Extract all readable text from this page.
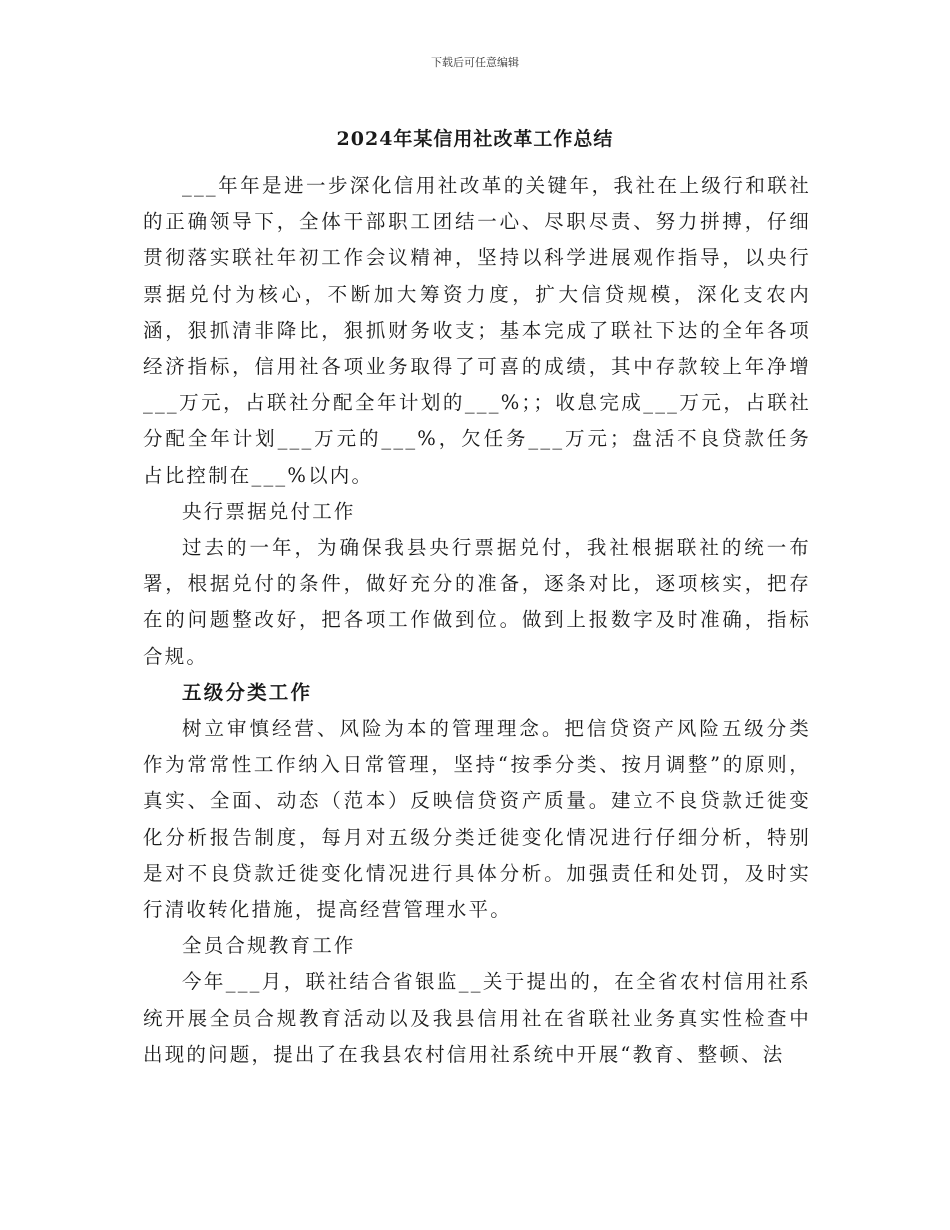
下载后可任意编辑
2024年某信用社改革工作总结

___年年是进一步深化信用社改革的关键年，我社在上级行和联社的正确领导下，全体干部职工团结一心、尽职尽责、努力拼搏，仔细贯彻落实联社年初工作会议精神，坚持以科学进展观作指导，以央行票据兑付为核心，不断加大筹资力度，扩大信贷规模，深化支农内涵，狠抓清非降比，狠抓财务收支；基本完成了联社下达的全年各项经济指标，信用社各项业务取得了可喜的成绩，其中存款较上年净增___万元，占联社分配全年计划的___%；；收息完成___万元，占联社分配全年计划___万元的___%，欠任务___万元；盘活不良贷款任务占比控制在___%以内。

央行票据兑付工作

过去的一年，为确保我县央行票据兑付，我社根据联社的统一布署，根据兑付的条件，做好充分的准备，逐条对比，逐项核实，把存在的问题整改好，把各项工作做到位。做到上报数字及时准确，指标合规。

五级分类工作

树立审慎经营、风险为本的管理理念。把信贷资产风险五级分类作为常常性工作纳入日常管理，坚持“按季分类、按月调整”的原则，真实、全面、动态（范本）反映信贷资产质量。建立不良贷款迁徙变化分析报告制度，每月对五级分类迁徙变化情况进行仔细分析，特别是对不良贷款迁徙变化情况进行具体分析。加强责任和处罚，及时实行清收转化措施，提高经营管理水平。

全员合规教育工作

今年___月，联社结合省银监__关于提出的，在全省农村信用社系统开展全员合规教育活动以及我县信用社在省联社业务真实性检查中出现的问题，提出了在我县农村信用社系统中开展“教育、整顿、法
